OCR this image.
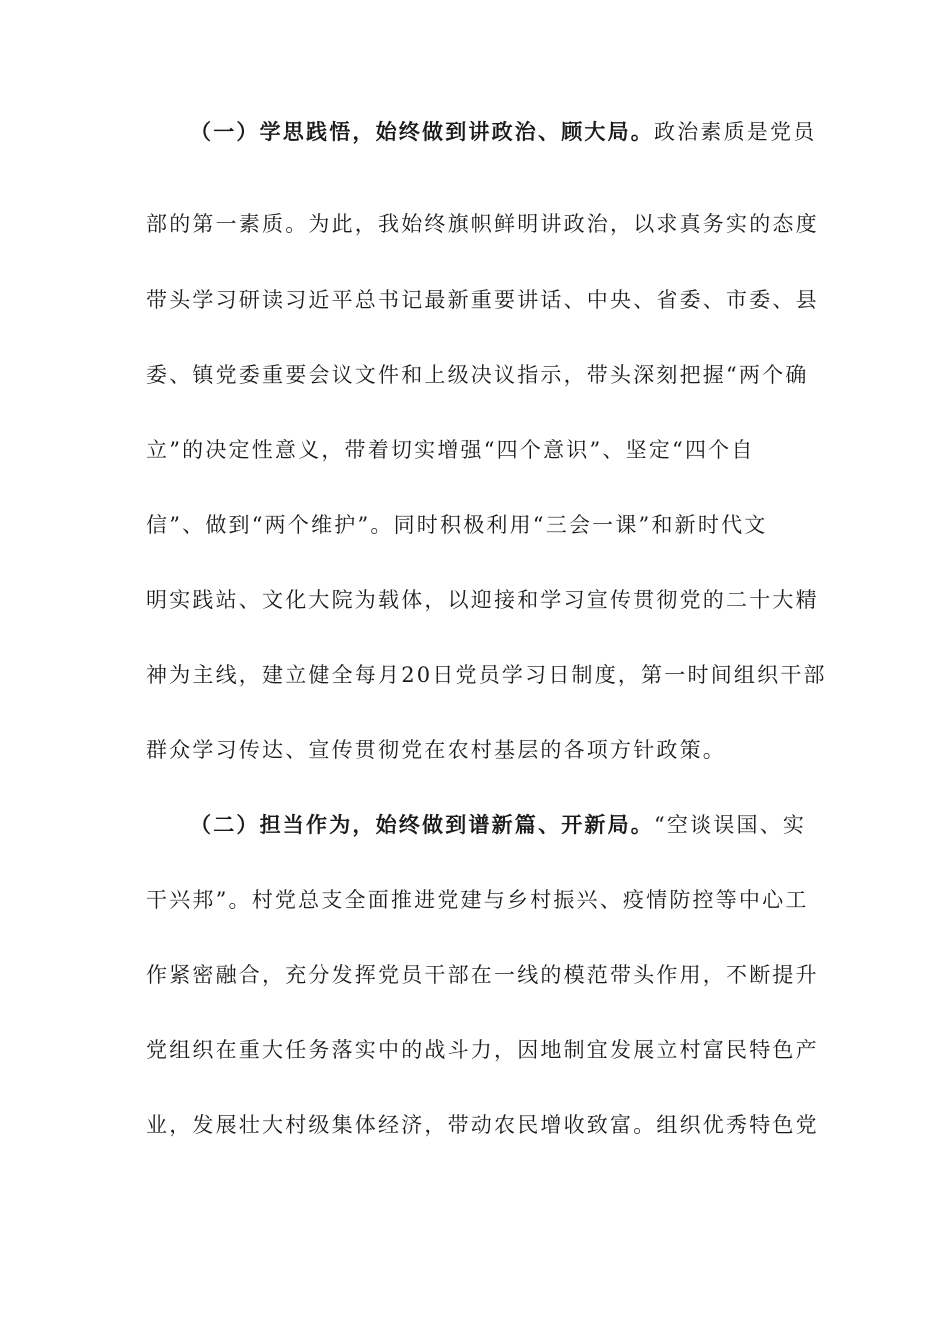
（一）学思践悟，始终做到讲政治、顾大局。政治素质是党员
部的第一素质。为此，我始终旗帜鲜明讲政治，以求真务实的态度
带头学习研读习近平总书记最新重要讲话、中央、省委、市委、县
委、镇党委重要会议文件和上级决议指示，带头深刻把握“两个确
立”的决定性意义，带着切实增强“四个意识”、坚定“四个自
信”、做到“两个维护”。同时积极利用“三会一课”和新时代文
明实践站、文化大院为载体，以迎接和学习宣传贯彻党的二十大精
神为主线，建立健全每月20日党员学习日制度，第一时间组织干部
群众学习传达、宣传贯彻党在农村基层的各项方针政策。
（二）担当作为，始终做到谱新篇、开新局。“空谈误国、实
干兴邦”。村党总支全面推进党建与乡村振兴、疫情防控等中心工
作紧密融合，充分发挥党员干部在一线的模范带头作用，不断提升
党组织在重大任务落实中的战斗力，因地制宜发展立村富民特色产
业，发展壮大村级集体经济，带动农民增收致富。组织优秀特色党
